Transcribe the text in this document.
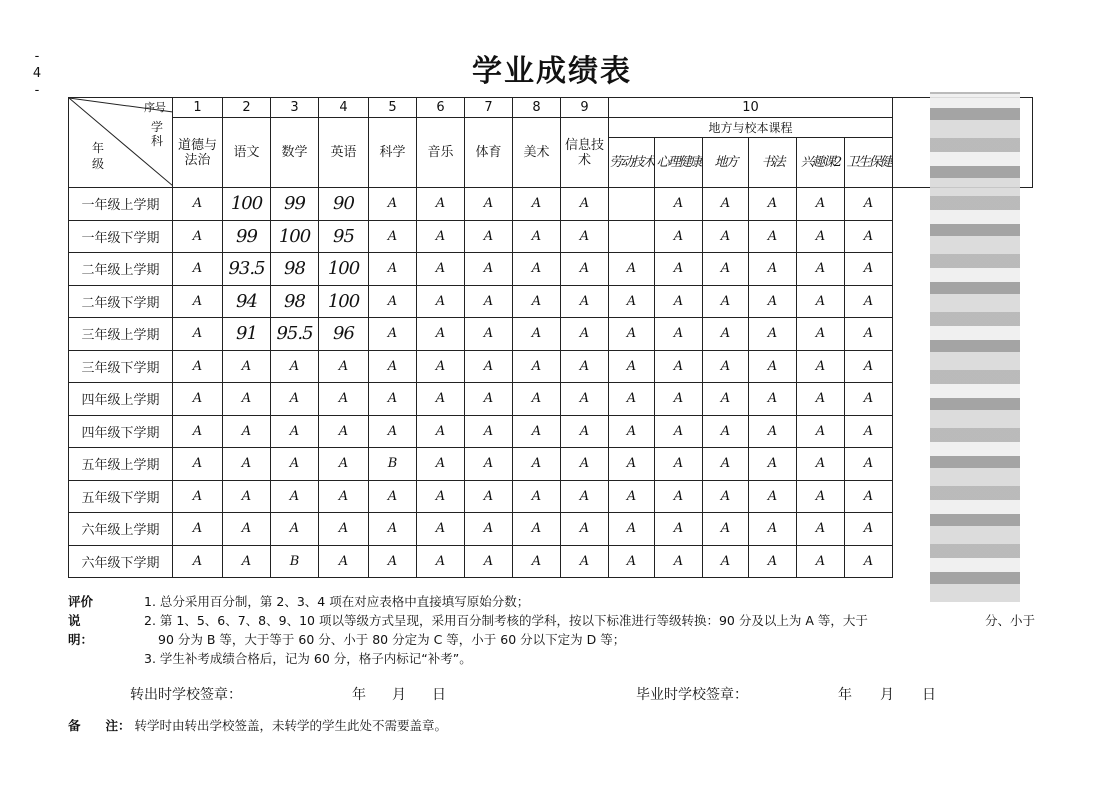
- 4 -
学业成绩表
序号
学科
年级	1	2	3	4	5	6	7	8	9	10						
	道德与法治	语文	数学	英语	科学	音乐	体育	美术	信息技术	地方与校本课程						
										劳动技术	心理健康	地方	书法	兴趣课2	卫生保健	
一年级上学期	A	100	99	90	A	A	A	A	A		A	A	A	A	A	
一年级下学期	A	99	100	95	A	A	A	A	A		A	A	A	A	A	
二年级上学期	A	93.5	98	100	A	A	A	A	A	A	A	A	A	A	A	
二年级下学期	A	94	98	100	A	A	A	A	A	A	A	A	A	A	A	
三年级上学期	A	91	95.5	96	A	A	A	A	A	A	A	A	A	A	A	
三年级下学期	A	A	A	A	A	A	A	A	A	A	A	A	A	A	A	
四年级上学期	A	A	A	A	A	A	A	A	A	A	A	A	A	A	A	
四年级下学期	A	A	A	A	A	A	A	A	A	A	A	A	A	A	A	
五年级上学期	A	A	A	A	B	A	A	A	A	A	A	A	A	A	A	
五年级下学期	A	A	A	A	A	A	A	A	A	A	A	A	A	A	A	
六年级上学期	A	A	A	A	A	A	A	A	A	A	A	A	A	A	A	
六年级下学期	A	A	B	A	A	A	A	A	A	A	A	A	A	A	A	
评价说明：
1. 总分采用百分制，第 2、3、4 项在对应表格中直接填写原始分数；
2. 第 1、5、6、7、8、9、10 项以等级方式呈现，采用百分制考核的学科，按以下标准进行等级转换：90 分及以上为 A 等，大于	分、小于
90 分为 B 等，大于等于 60 分、小于 80 分定为 C 等，小于 60 分以下定为 D 等；
3. 学生补考成绩合格后，记为 60 分，格子内标记“补考”。
转出时学校签章：	年 月 日	毕业时学校签章：	年 月 日
备　　注： 转学时由转出学校签盖，未转学的学生此处不需要盖章。
